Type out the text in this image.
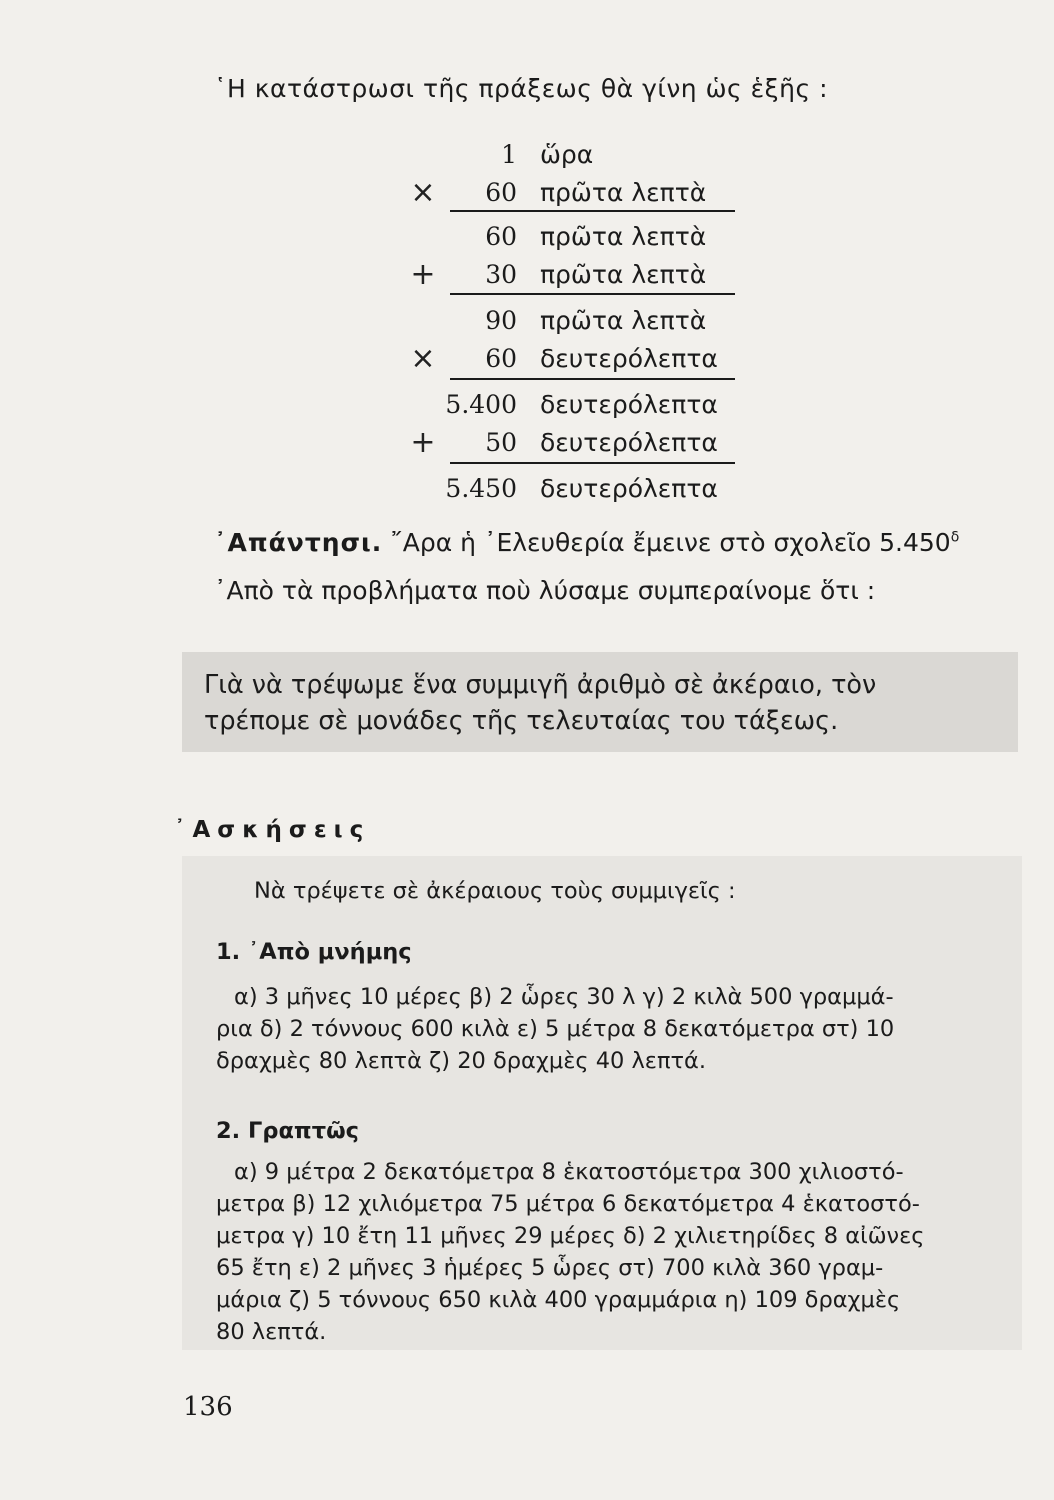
῾Η κατάστρωσι τῆς πράξεως θὰ γίνη ὡς ἑξῆς :
1 ὥρα
× 60 πρῶτα λεπτὰ
60 πρῶτα λεπτὰ
+ 30 πρῶτα λεπτὰ
90 πρῶτα λεπτὰ
× 60 δευτερόλεπτα
5.400 δευτερόλεπτα
+ 50 δευτερόλεπτα
5.450 δευτερόλεπτα
᾿Απάντησι. ῎Αρα ἡ ᾿Ελευθερία ἔμεινε στὸ σχολεῖο $5.450^\delta$
᾿Απὸ τὰ προβλήματα ποὺ λύσαμε συμπεραίνομε ὅτι :

Γιὰ νὰ τρέψωμε ἕνα συμμιγῆ ἀριθμὸ σὲ ἀκέραιο, τὸν

τρέπομε σὲ μονάδες τῆς τελευταίας του τάξεως.

᾿Ασκήσεις
Νὰ τρέψετε σὲ ἀκέραιους τοὺς συμμιγεῖς :
1. ᾿Απὸ μνήμης
α) 3 μῆνες 10 μέρες β) 2 ὧρες 30 λ γ) 2 κιλὰ 500 γραμμά-
ρια δ) 2 τόννους 600 κιλὰ ε) 5 μέτρα 8 δεκατόμετρα στ) 10
δραχμὲς 80 λεπτὰ ζ) 20 δραχμὲς 40 λεπτά.
2. Γραπτῶς
α) 9 μέτρα 2 δεκατόμετρα 8 ἑκατοστόμετρα 300 χιλιοστό-
μετρα β) 12 χιλιόμετρα 75 μέτρα 6 δεκατόμετρα 4 ἑκατοστό-
μετρα γ) 10 ἔτη 11 μῆνες 29 μέρες δ) 2 χιλιετηρίδες 8 αἰῶνες
65 ἔτη ε) 2 μῆνες 3 ἡμέρες 5 ὧρες στ) 700 κιλὰ 360 γραμ-
μάρια ζ) 5 τόννους 650 κιλὰ 400 γραμμάρια η) 109 δραχμὲς
80 λεπτά.
136
